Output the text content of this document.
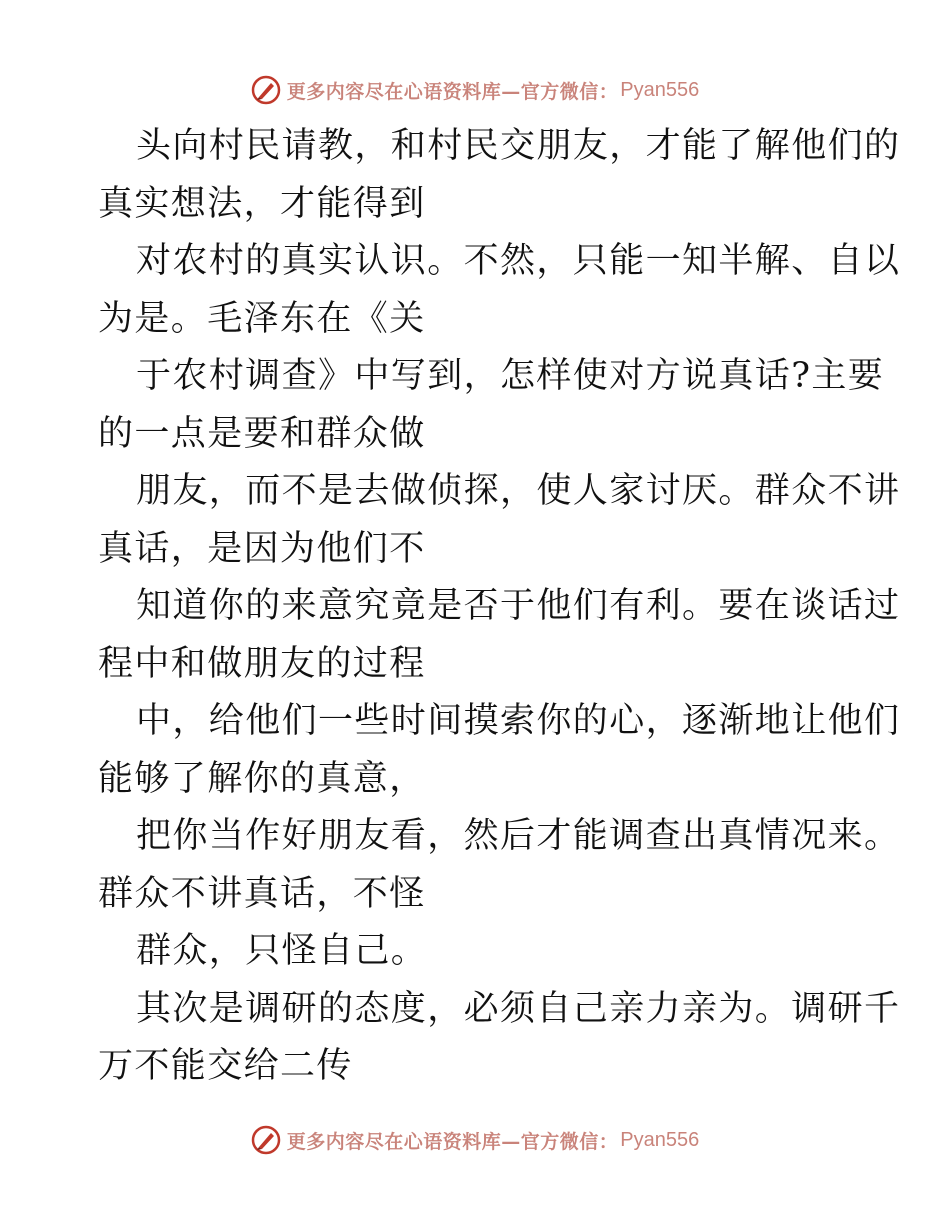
更多内容尽在心语资料库—官方微信： Pyan556
头向村民请教，和村民交朋友，才能了解他们的
真实想法，才能得到
对农村的真实认识。不然，只能一知半解、自以
为是。毛泽东在《关
于农村调查》中写到，怎样使对方说真话?主要
的一点是要和群众做
朋友，而不是去做侦探，使人家讨厌。群众不讲
真话，是因为他们不
知道你的来意究竟是否于他们有利。要在谈话过
程中和做朋友的过程
中，给他们一些时间摸索你的心，逐渐地让他们
能够了解你的真意，
把你当作好朋友看，然后才能调查出真情况来。
群众不讲真话，不怪
群众，只怪自己。
其次是调研的态度，必须自己亲力亲为。调研千
万不能交给二传
更多内容尽在心语资料库—官方微信： Pyan556
